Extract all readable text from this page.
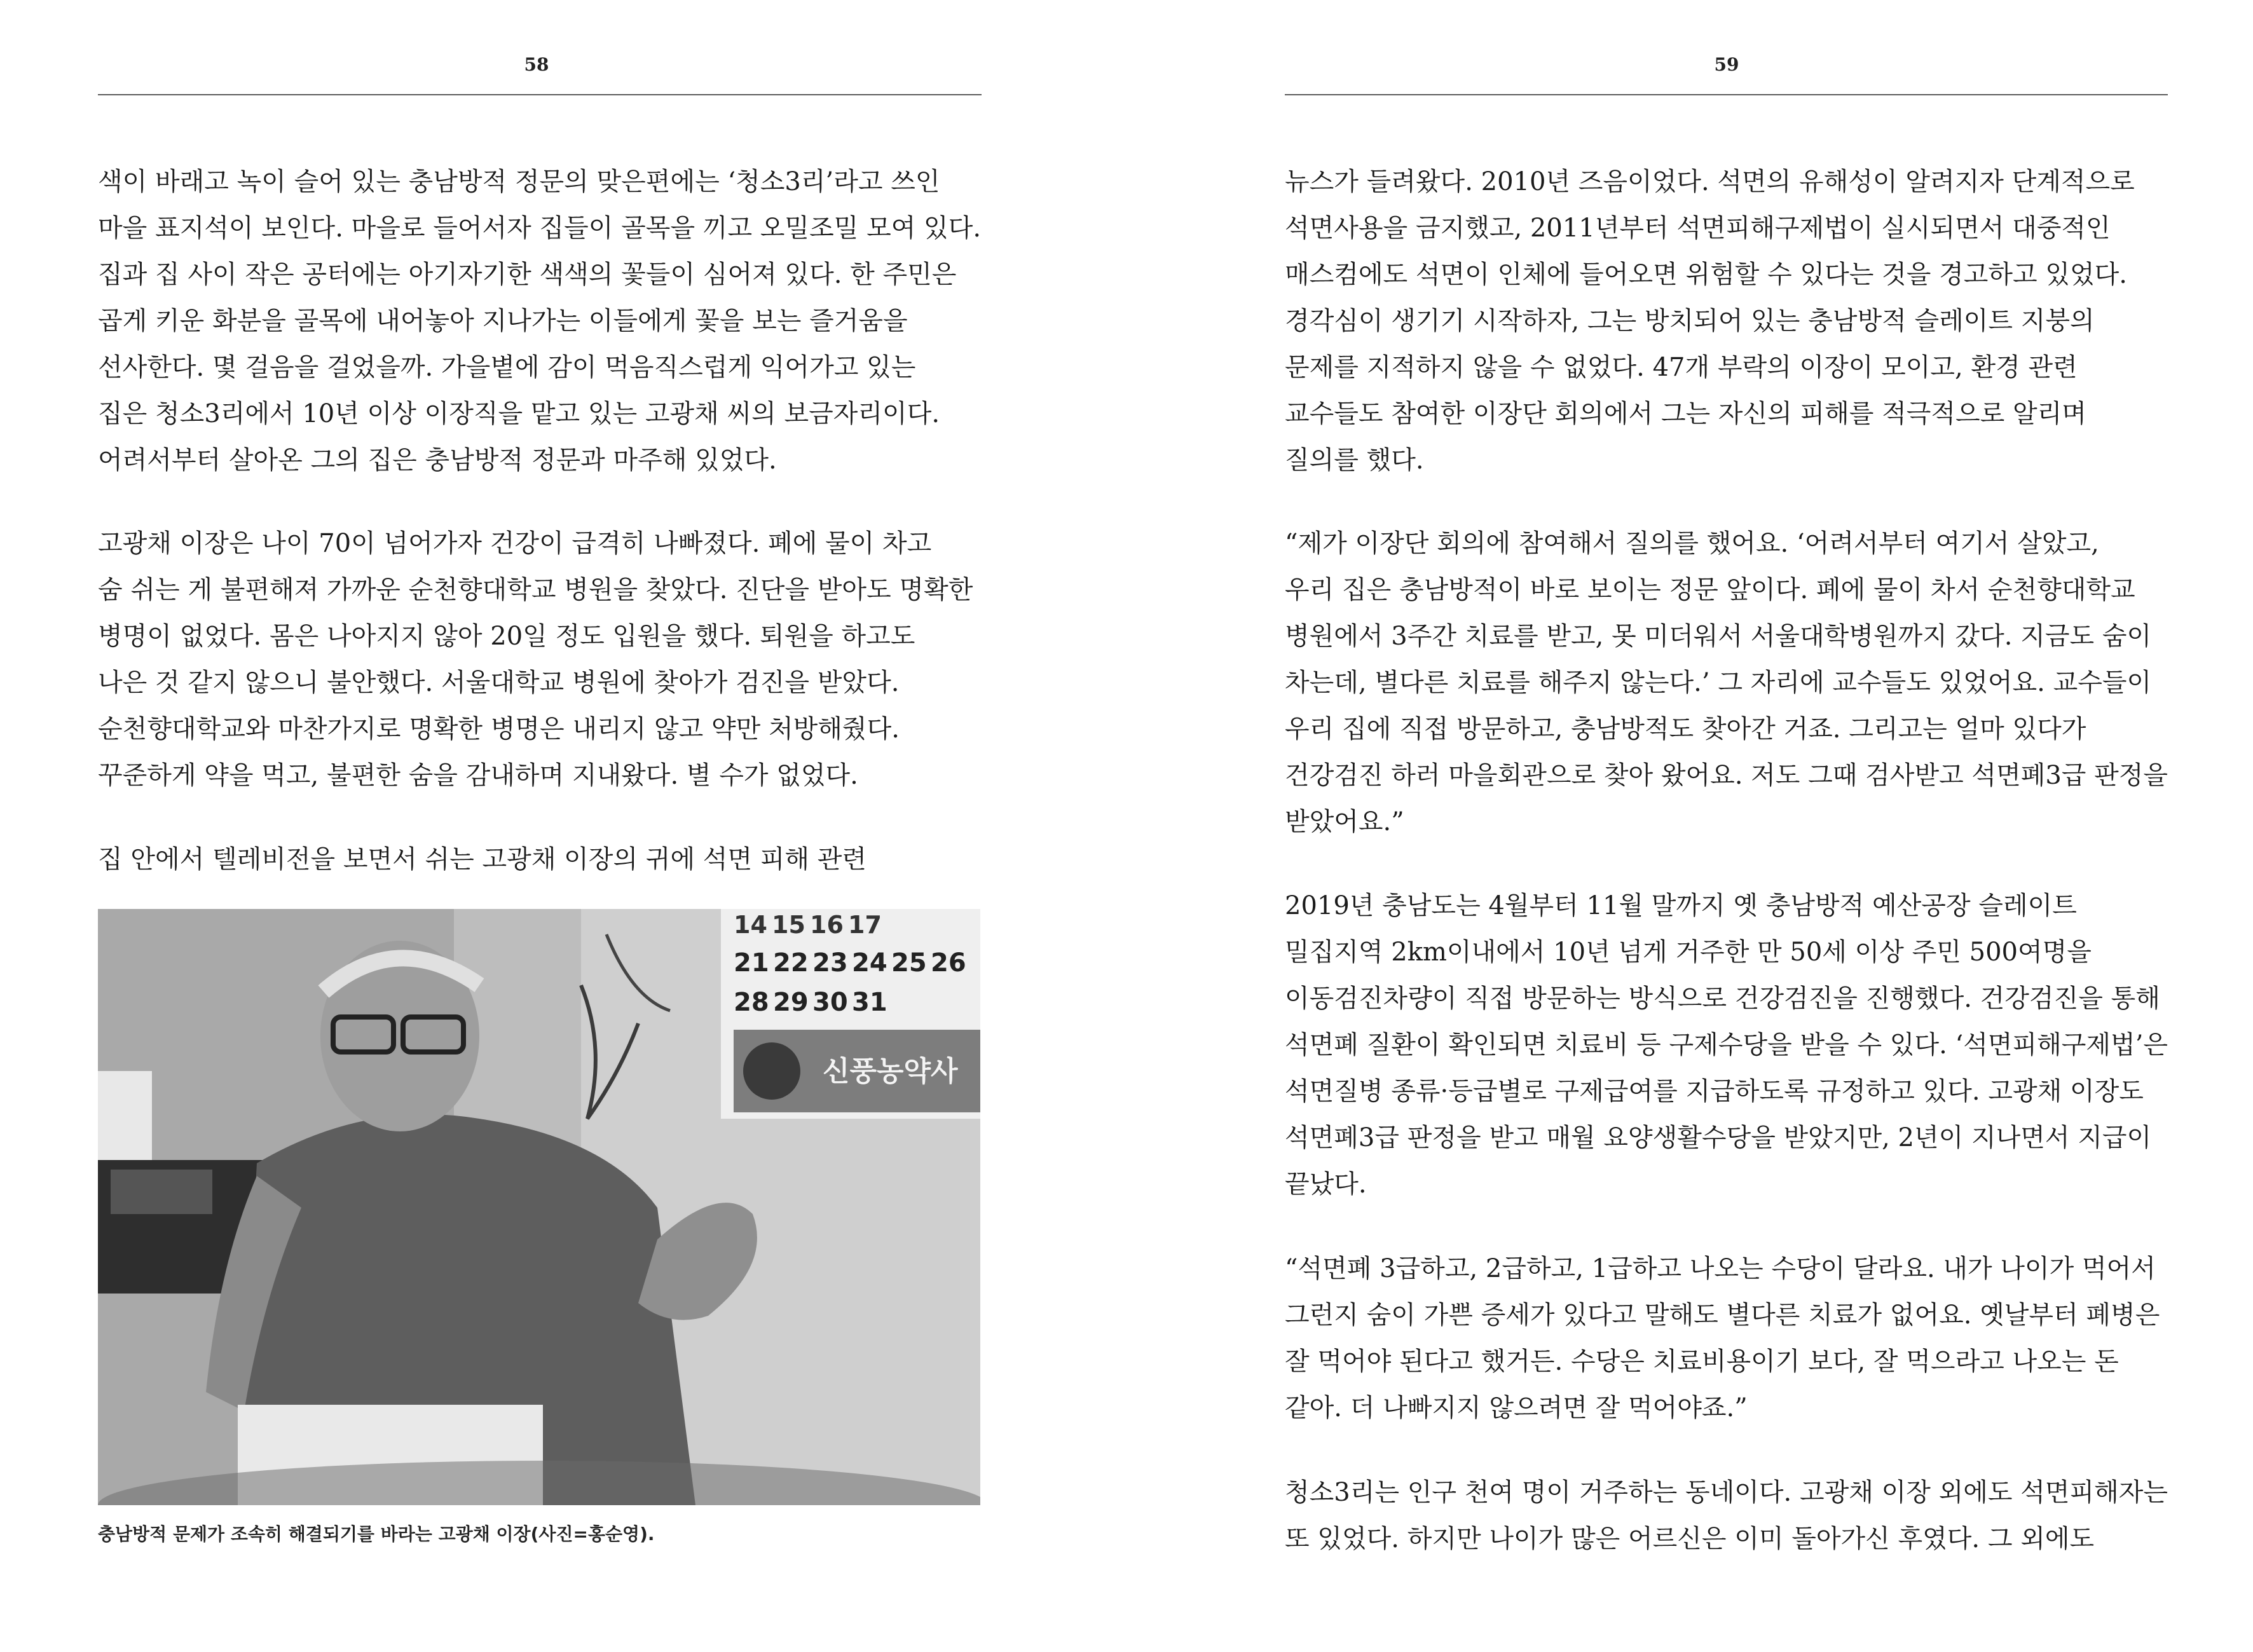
58
색이 바래고 녹이 슬어 있는 충남방적 정문의 맞은편에는 ‘청소3리’라고 쓰인
마을 표지석이 보인다. 마을로 들어서자 집들이 골목을 끼고 오밀조밀 모여 있다.
집과 집 사이 작은 공터에는 아기자기한 색색의 꽃들이 심어져 있다. 한 주민은
곱게 키운 화분을 골목에 내어놓아 지나가는 이들에게 꽃을 보는 즐거움을
선사한다. 몇 걸음을 걸었을까. 가을볕에 감이 먹음직스럽게 익어가고 있는
집은 청소3리에서 10년 이상 이장직을 맡고 있는 고광채 씨의 보금자리이다.
어려서부터 살아온 그의 집은 충남방적 정문과 마주해 있었다.
고광채 이장은 나이 70이 넘어가자 건강이 급격히 나빠졌다. 폐에 물이 차고
숨 쉬는 게 불편해져 가까운 순천향대학교 병원을 찾았다. 진단을 받아도 명확한
병명이 없었다. 몸은 나아지지 않아 20일 정도 입원을 했다. 퇴원을 하고도
나은 것 같지 않으니 불안했다. 서울대학교 병원에 찾아가 검진을 받았다.
순천향대학교와 마찬가지로 명확한 병명은 내리지 않고 약만 처방해줬다.
꾸준하게 약을 먹고, 불편한 숨을 감내하며 지내왔다. 별 수가 없었다.
집 안에서 텔레비전을 보면서 쉬는 고광채 이장의 귀에 석면 피해 관련
14 15 16 17
21 22 23 24 25 26
28 29 30 31
신풍농약사
충남방적 문제가 조속히 해결되기를 바라는 고광채 이장(사진=홍순영).
59
뉴스가 들려왔다. 2010년 즈음이었다. 석면의 유해성이 알려지자 단계적으로
석면사용을 금지했고, 2011년부터 석면피해구제법이 실시되면서 대중적인
매스컴에도 석면이 인체에 들어오면 위험할 수 있다는 것을 경고하고 있었다.
경각심이 생기기 시작하자, 그는 방치되어 있는 충남방적 슬레이트 지붕의
문제를 지적하지 않을 수 없었다. 47개 부락의 이장이 모이고, 환경 관련
교수들도 참여한 이장단 회의에서 그는 자신의 피해를 적극적으로 알리며
질의를 했다.
“제가 이장단 회의에 참여해서 질의를 했어요. ‘어려서부터 여기서 살았고,
우리 집은 충남방적이 바로 보이는 정문 앞이다. 폐에 물이 차서 순천향대학교
병원에서 3주간 치료를 받고, 못 미더워서 서울대학병원까지 갔다. 지금도 숨이
차는데, 별다른 치료를 해주지 않는다.’ 그 자리에 교수들도 있었어요. 교수들이
우리 집에 직접 방문하고, 충남방적도 찾아간 거죠. 그리고는 얼마 있다가
건강검진 하러 마을회관으로 찾아 왔어요. 저도 그때 검사받고 석면폐3급 판정을
받았어요.”
2019년 충남도는 4월부터 11월 말까지 옛 충남방적 예산공장 슬레이트
밀집지역 2km이내에서 10년 넘게 거주한 만 50세 이상 주민 500여명을
이동검진차량이 직접 방문하는 방식으로 건강검진을 진행했다. 건강검진을 통해
석면폐 질환이 확인되면 치료비 등 구제수당을 받을 수 있다. ‘석면피해구제법’은
석면질병 종류·등급별로 구제급여를 지급하도록 규정하고 있다. 고광채 이장도
석면폐3급 판정을 받고 매월 요양생활수당을 받았지만, 2년이 지나면서 지급이
끝났다.
“석면폐 3급하고, 2급하고, 1급하고 나오는 수당이 달라요. 내가 나이가 먹어서
그런지 숨이 가쁜 증세가 있다고 말해도 별다른 치료가 없어요. 옛날부터 폐병은
잘 먹어야 된다고 했거든. 수당은 치료비용이기 보다, 잘 먹으라고 나오는 돈
같아. 더 나빠지지 않으려면 잘 먹어야죠.”
청소3리는 인구 천여 명이 거주하는 동네이다. 고광채 이장 외에도 석면피해자는
또 있었다. 하지만 나이가 많은 어르신은 이미 돌아가신 후였다. 그 외에도
